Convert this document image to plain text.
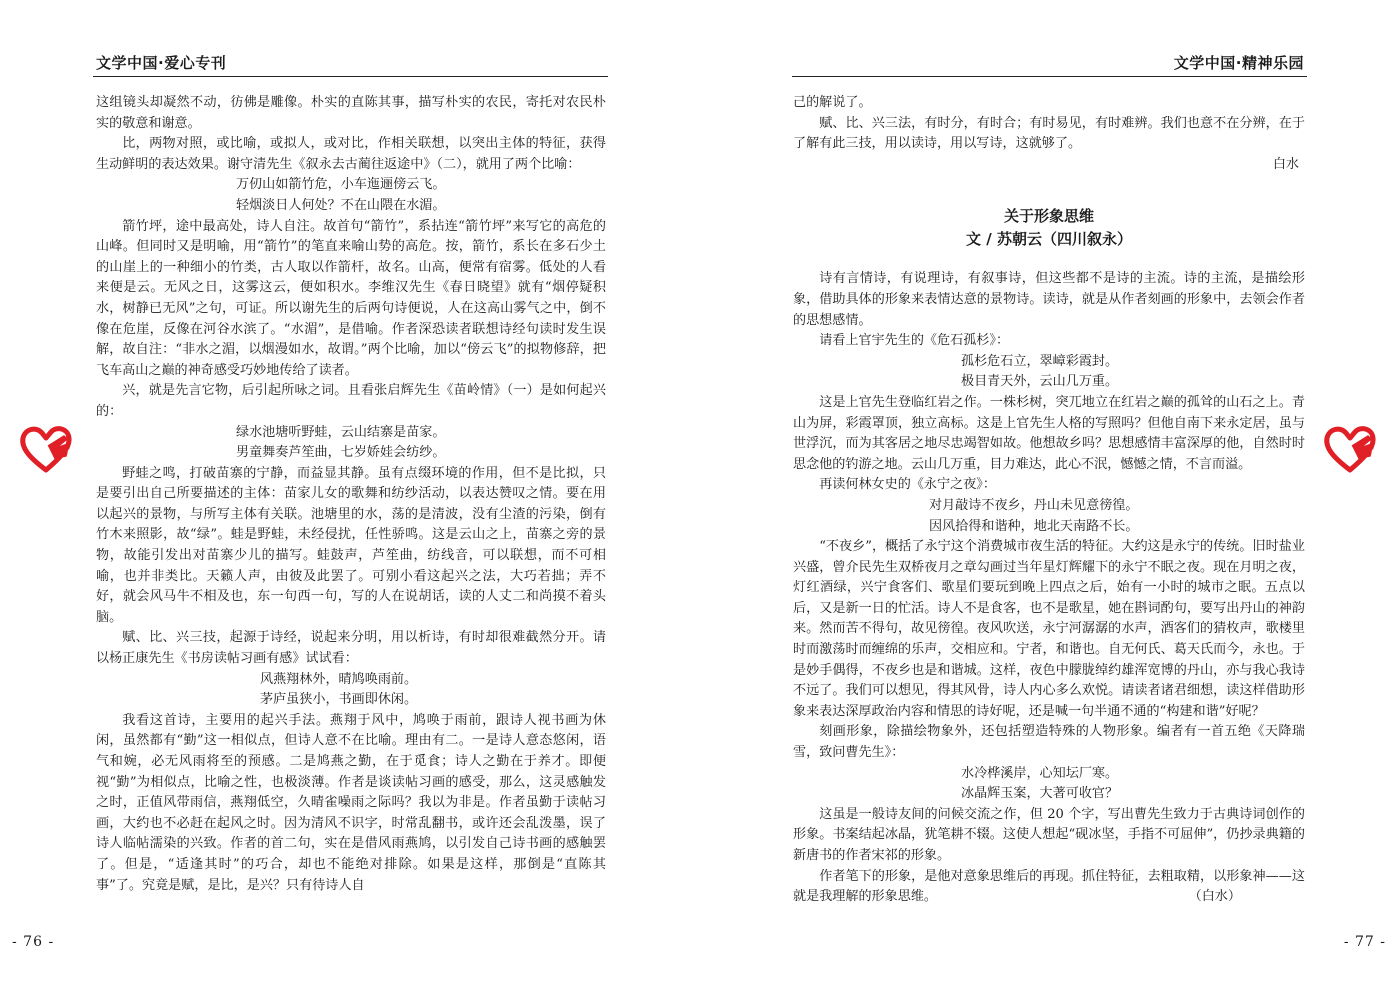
文学中国·爱心专刊

这组镜头却凝然不动，彷佛是雕像。朴实的直陈其事，描写朴实的农民，寄托对农民朴实的敬意和谢意。

比，两物对照，或比喻，或拟人，或对比，作相关联想，以突出主体的特征，获得生动鲜明的表达效果。谢守清先生《叙永去古蔺往返途中》（二），就用了两个比喻：

万仞山如箭竹危，小车迤逦傍云飞。

轻烟淡日人何处？不在山隈在水湄。

箭竹坪，途中最高处，诗人自注。故首句“箭竹”，系拈连“箭竹坪”来写它的高危的山峰。但同时又是明喻，用“箭竹”的笔直来喻山势的高危。按，箭竹，系长在多石少土的山崖上的一种细小的竹类，古人取以作箭杆，故名。山高，便常有宿雾。低处的人看来便是云。无风之日，这雾这云，便如积水。李维汉先生《春日晓望》就有“烟停疑积水，树静已无风”之句，可证。所以谢先生的后两句诗便说，人在这高山雾气之中，倒不像在危崖，反像在河谷水滨了。“水湄”，是借喻。作者深恐读者联想诗经句读时发生误解，故自注：“非水之湄，以烟漫如水，故谓。”两个比喻，加以“傍云飞”的拟物修辞，把飞车高山之巅的神奇感受巧妙地传给了读者。

兴，就是先言它物，后引起所咏之词。且看张启辉先生《苗岭情》（一）是如何起兴的：

绿水池塘听野蛙，云山结寨是苗家。

男童舞奏芦笙曲，七岁娇娃会纺纱。

野蛙之鸣，打破苗寨的宁静，而益显其静。虽有点缀环境的作用，但不是比拟，只是要引出自己所要描述的主体：苗家儿女的歌舞和纺纱活动，以表达赞叹之情。要在用以起兴的景物，与所写主体有关联。池塘里的水，荡的是清波，没有尘渣的污染，倒有竹木来照影，故“绿”。蛙是野蛙，未经侵扰，任性骄鸣。这是云山之上，苗寨之旁的景物，故能引发出对苗寨少儿的描写。蛙鼓声，芦笙曲，纺线音，可以联想，而不可相喻，也并非类比。天籁人声，由彼及此罢了。可别小看这起兴之法，大巧若拙；弄不好，就会风马牛不相及也，东一句西一句，写的人在说胡话，读的人丈二和尚摸不着头脑。

赋、比、兴三技，起源于诗经，说起来分明，用以析诗，有时却很难截然分开。请以杨正康先生《书房读帖习画有感》试试看：

风燕翔林外，晴鸠唤雨前。

茅庐虽狭小，书画即休闲。

我看这首诗，主要用的起兴手法。燕翔于风中，鸠唤于雨前，跟诗人视书画为休闲，虽然都有“勤”这一相似点，但诗人意不在比喻。理由有二。一是诗人意态悠闲，语气和婉，必无风雨将至的预感。二是鸠燕之勤，在于觅食；诗人之勤在于养才。即便视“勤”为相似点，比喻之性，也极淡薄。作者是谈读帖习画的感受，那么，这灵感触发之时，正值风带雨信，燕翔低空，久晴雀噪雨之际吗？我以为非是。作者虽勤于读帖习画，大约也不必赶在起风之时。因为清风不识字，时常乱翻书，或许还会乱泼墨，误了诗人临帖濡染的兴致。作者的首二句，实在是借风雨燕鸠，以引发自己诗书画的感触罢了。但是，“适逢其时”的巧合，却也不能绝对排除。如果是这样，那倒是“直陈其事”了。究竟是赋，是比，是兴？只有待诗人自

- 76 -
文学中国·精神乐园

己的解说了。

赋、比、兴三法，有时分，有时合；有时易见，有时难辨。我们也意不在分辨，在于了解有此三技，用以读诗，用以写诗，这就够了。

白水

关于形象思维
文 / 苏朝云（四川叙永）

诗有言情诗，有说理诗，有叙事诗，但这些都不是诗的主流。诗的主流，是描绘形象，借助具体的形象来表情达意的景物诗。读诗，就是从作者刻画的形象中，去领会作者的思想感情。

请看上官宇先生的《危石孤杉》：

孤杉危石立，翠嶂彩霞封。

极目青天外，云山几万重。

这是上官先生登临红岩之作。一株杉树，突兀地立在红岩之巅的孤耸的山石之上。青山为屏，彩霞罩顶，独立高标。这是上官先生人格的写照吗？但他自南下来永定居，虽与世浮沉，而为其客居之地尽忠竭智如故。他想故乡吗？思想感情丰富深厚的他，自然时时思念他的钓游之地。云山几万重，目力难达，此心不泯，憾憾之情，不言而溢。

再读何林女史的《永宁之夜》：

对月敲诗不夜乡，丹山未见意徬徨。

因风拾得和谐种，地北天南路不长。

“不夜乡”，概括了永宁这个消费城市夜生活的特征。大约这是永宁的传统。旧时盐业兴盛，曾介民先生双桥夜月之章勾画过当年星灯辉耀下的永宁不眠之夜。现在月明之夜，灯红酒绿，兴宁食客们、歌星们要玩到晚上四点之后，始有一小时的城市之眠。五点以后，又是新一日的忙活。诗人不是食客，也不是歌星，她在斟词酌句，要写出丹山的神韵来。然而苦不得句，故见徬徨。夜风吹送，永宁河潺潺的水声，酒客们的猜枚声，歌楼里时而激荡时而缠绵的乐声，交相应和。宁者，和谐也。自无何氏、葛天氏而今，永也。于是妙手偶得，不夜乡也是和谐城。这样，夜色中朦胧绰约雄浑宽博的丹山，亦与我心我诗不远了。我们可以想见，得其风骨，诗人内心多么欢悦。请读者诸君细想，读这样借助形象来表达深厚政治内容和情思的诗好呢，还是喊一句半通不通的“构建和谐”好呢？

刻画形象，除描绘物象外，还包括塑造特殊的人物形象。编者有一首五绝《天降瑞雪，致问曹先生》：

水冷桦溪岸，心知坛厂寒。

冰晶辉玉案，大著可收官？

这虽是一般诗友间的问候交流之作，但 20 个字，写出曹先生致力于古典诗词创作的形象。书案结起冰晶，犹笔耕不辍。这使人想起“砚冰坚，手指不可屈伸”，仍抄录典籍的新唐书的作者宋祁的形象。

作者笔下的形象，是他对意象思维后的再现。抓住特征，去粗取精，以形象神——这就是我理解的形象思维。	（白水）

- 77 -
